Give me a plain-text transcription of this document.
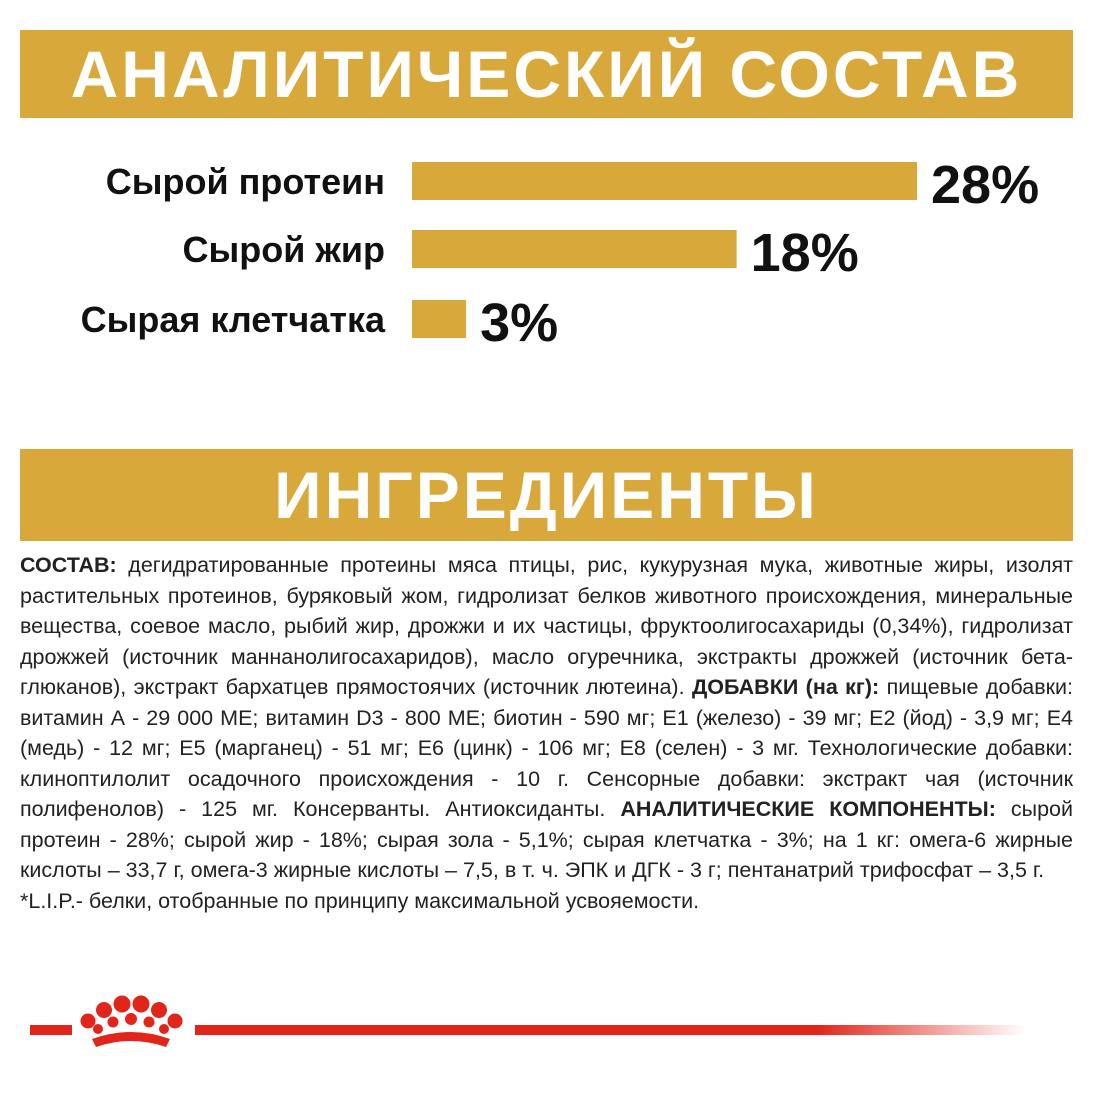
АНАЛИТИЧЕСКИЙ СОСТАВ
Сырой протеин	28%
Сырой жир	18%
Сырая клетчатка 3%
ИНГРЕДИЕНТЫ
СОСТАВ: дегидратированные протеины мяса птицы, рис, кукурузная мука, животные жиры, изолят растительных протеинов, буряковый жом, гидролизат белков животного происхождения, минеральные вещества, соевое масло, рыбий жир, дрожжи и их частицы, фруктоолигосахариды (0,34%), гидролизат дрожжей (источник маннанолигосахаридов), масло огуречника, экстракты дрожжей (источник бета-глюканов), экстракт бархатцев прямостоячих (источник лютеина). ДОБАВКИ (на кг): пищевые добавки: витамин А - 29 000 МЕ; витамин D3 - 800 МЕ; биотин - 590 мг; Е1 (железо) - 39 мг; Е2 (йод) - 3,9 мг; Е4 (медь) - 12 мг; Е5 (марганец) - 51 мг; Е6 (цинк) - 106 мг; Е8 (селен) - 3 мг. Технологические добавки: клиноптилолит осадочного происхождения - 10 г. Сенсорные добавки: экстракт чая (источник полифенолов) - 125 мг. Консерванты. Антиоксиданты. АНАЛИТИЧЕСКИЕ КОМПОНЕНТЫ: сырой протеин - 28%; сырой жир - 18%; сырая зола - 5,1%; сырая клетчатка - 3%; на 1 кг: омега-6 жирные кислоты – 33,7 г, омега-3 жирные кислоты – 7,5, в т. ч. ЭПК и ДГК - 3 г; пентанатрий трифосфат – 3,5 г.
*L.I.P.- белки, отобранные по принципу максимальной усвояемости.
